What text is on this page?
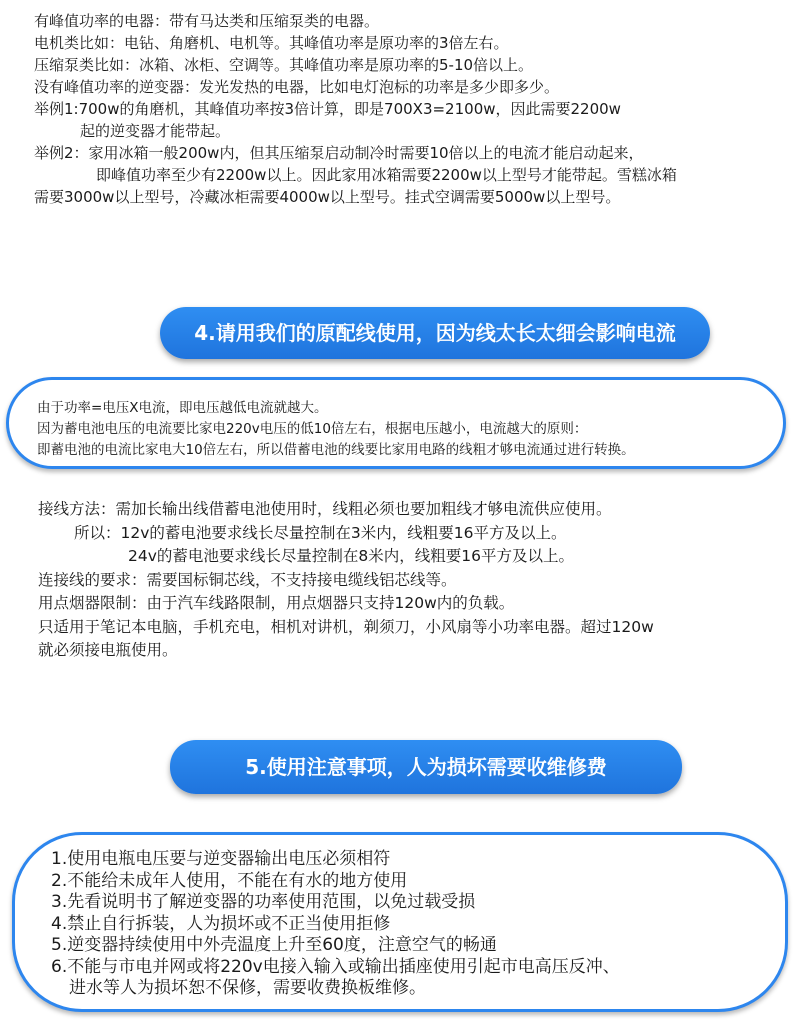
有峰值功率的电器：带有马达类和压缩泵类的电器。
电机类比如：电钻、角磨机、电机等。其峰值功率是原功率的3倍左右。
压缩泵类比如：冰箱、冰柜、空调等。其峰值功率是原功率的5-10倍以上。
没有峰值功率的逆变器：发光发热的电器，比如电灯泡标的功率是多少即多少。
举例1:700w的角磨机，其峰值功率按3倍计算，即是700X3=2100w，因此需要2200w
起的逆变器才能带起。
举例2：家用冰箱一般200w内，但其压缩泵启动制冷时需要10倍以上的电流才能启动起来，
即峰值功率至少有2200w以上。因此家用冰箱需要2200w以上型号才能带起。雪糕冰箱
需要3000w以上型号，冷藏冰柜需要4000w以上型号。挂式空调需要5000w以上型号。
4.请用我们的原配线使用，因为线太长太细会影响电流
由于功率=电压X电流，即电压越低电流就越大。
因为蓄电池电压的电流要比家电220v电压的低10倍左右，根据电压越小，电流越大的原则：
即蓄电池的电流比家电大10倍左右，所以借蓄电池的线要比家用电路的线粗才够电流通过进行转换。
接线方法：需加长输出线借蓄电池使用时，线粗必须也要加粗线才够电流供应使用。
所以：12v的蓄电池要求线长尽量控制在3米内，线粗要16平方及以上。
24v的蓄电池要求线长尽量控制在8米内，线粗要16平方及以上。
连接线的要求：需要国标铜芯线，不支持接电缆线铝芯线等。
用点烟器限制：由于汽车线路限制，用点烟器只支持120w内的负载。
只适用于笔记本电脑，手机充电，相机对讲机，剃须刀，小风扇等小功率电器。超过120w
就必须接电瓶使用。
5.使用注意事项，人为损坏需要收维修费
1.使用电瓶电压要与逆变器输出电压必须相符
2.不能给未成年人使用，不能在有水的地方使用
3.先看说明书了解逆变器的功率使用范围，以免过载受损
4.禁止自行拆装，人为损坏或不正当使用拒修
5.逆变器持续使用中外壳温度上升至60度，注意空气的畅通
6.不能与市电并网或将220v电接入输入或输出插座使用引起市电高压反冲、
进水等人为损坏恕不保修，需要收费换板维修。
